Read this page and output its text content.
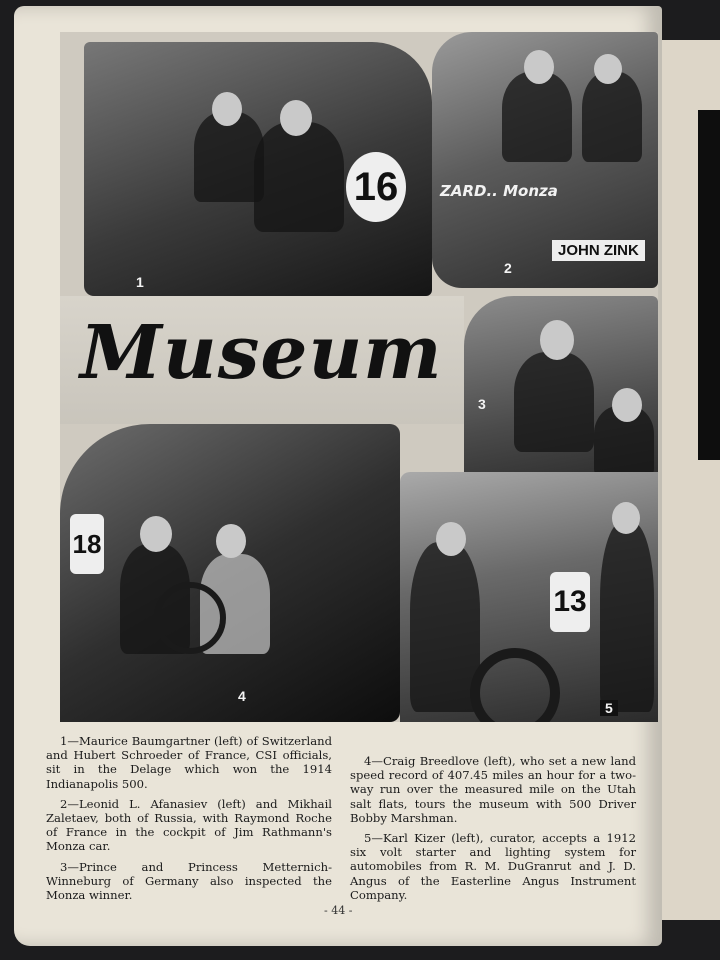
16
1
ZARD.. Monza
JOHN ZINK
2
Museum
3
18
4
13
5

1—Maurice Baumgartner (left) of Switzerland and Hubert Schroeder of France, CSI officials, sit in the Delage which won the 1914 Indianapolis 500.

2—Leonid L. Afanasiev (left) and Mikhail Zaletaev, both of Russia, with Raymond Roche of France in the cockpit of Jim Rathmann's Monza car.

3—Prince and Princess Metternich-Winneburg of Germany also inspected the Monza winner.

4—Craig Breedlove (left), who set a new land speed record of 407.45 miles an hour for a two-way run over the measured mile on the Utah salt flats, tours the museum with 500 Driver Bobby Marshman.

5—Karl Kizer (left), curator, accepts a 1912 six volt starter and lighting system for automobiles from R. M. DuGranrut and J. D. Angus of the Easterline Angus Instrument Company.

- 44 -
